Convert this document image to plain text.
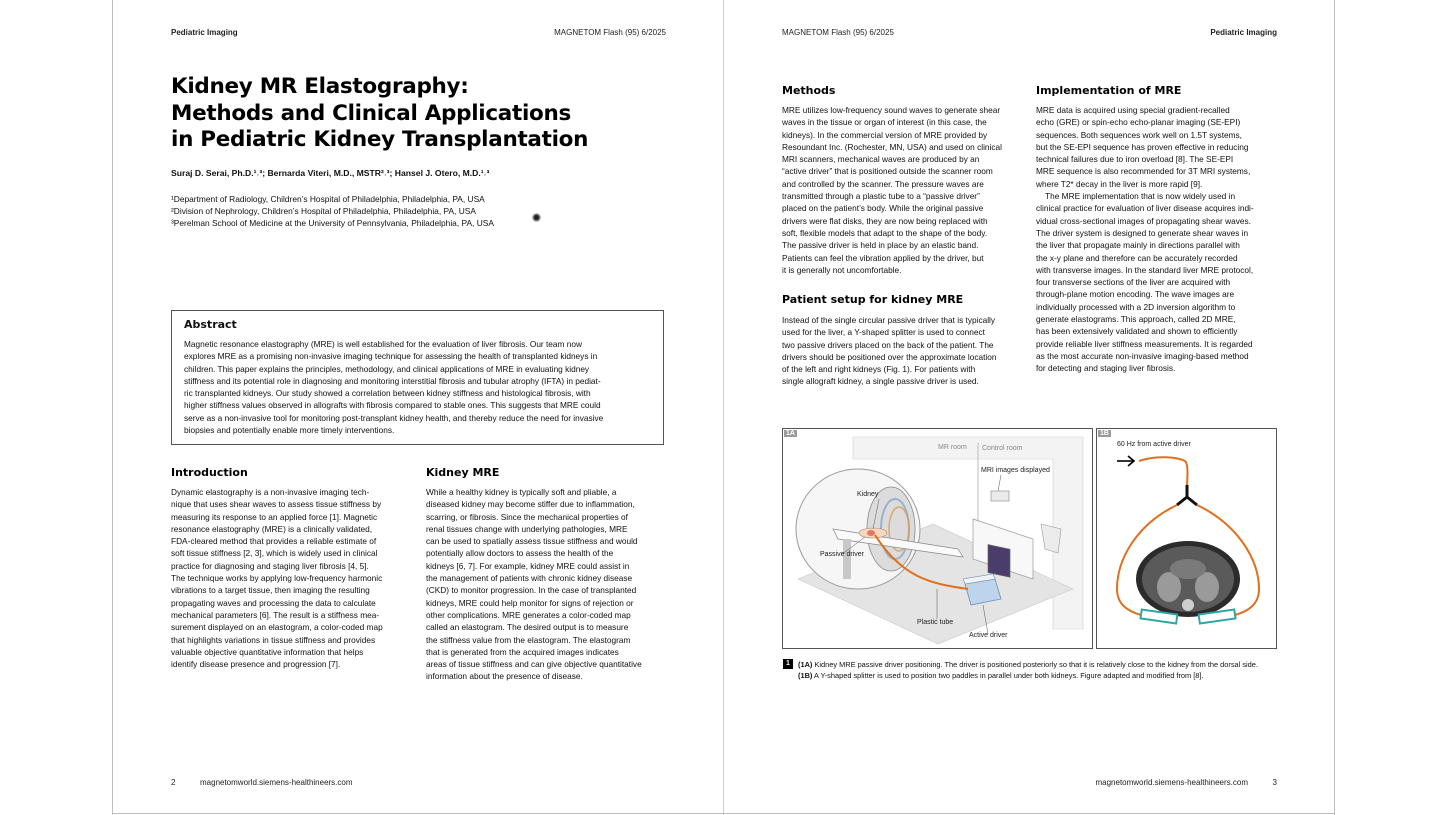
Pediatric Imaging	MAGNETOM Flash (95) 6/2025
Kidney MR Elastography:
Methods and Clinical Applications
in Pediatric Kidney Transplantation
Suraj D. Serai, Ph.D.¹˒³; Bernarda Viteri, M.D., MSTR²˒³; Hansel J. Otero, M.D.¹˒³
¹Department of Radiology, Children’s Hospital of Philadelphia, Philadelphia, PA, USA
²Division of Nephrology, Children’s Hospital of Philadelphia, Philadelphia, PA, USA
³Perelman School of Medicine at the University of Pennsylvania, Philadelphia, PA, USA
Abstract
Magnetic resonance elastography (MRE) is well established for the evaluation of liver fibrosis. Our team now
explores MRE as a promising non-invasive imaging technique for assessing the health of transplanted kidneys in
children. This paper explains the principles, methodology, and clinical applications of MRE in evaluating kidney
stiffness and its potential role in diagnosing and monitoring interstitial fibrosis and tubular atrophy (IFTA) in pediat-
ric transplanted kidneys. Our study showed a correlation between kidney stiffness and histological fibrosis, with
higher stiffness values observed in allografts with fibrosis compared to stable ones. This suggests that MRE could
serve as a non-invasive tool for monitoring post-transplant kidney health, and thereby reduce the need for invasive
biopsies and potentially enable more timely interventions.
Introduction
Dynamic elastography is a non-invasive imaging tech-
nique that uses shear waves to assess tissue stiffness by
measuring its response to an applied force [1]. Magnetic
resonance elastography (MRE) is a clinically validated,
FDA-cleared method that provides a reliable estimate of
soft tissue stiffness [2, 3], which is widely used in clinical
practice for diagnosing and staging liver fibrosis [4, 5].
The technique works by applying low-frequency harmonic
vibrations to a target tissue, then imaging the resulting
propagating waves and processing the data to calculate
mechanical parameters [6]. The result is a stiffness mea-
surement displayed on an elastogram, a color-coded map
that highlights variations in tissue stiffness and provides
valuable objective quantitative information that helps
identify disease presence and progression [7].
Kidney MRE
While a healthy kidney is typically soft and pliable, a
diseased kidney may become stiffer due to inflammation,
scarring, or fibrosis. Since the mechanical properties of
renal tissues change with underlying pathologies, MRE
can be used to spatially assess tissue stiffness and would
potentially allow doctors to assess the health of the
kidneys [6, 7]. For example, kidney MRE could assist in
the management of patients with chronic kidney disease
(CKD) to monitor progression. In the case of transplanted
kidneys, MRE could help monitor for signs of rejection or
other complications. MRE generates a color-coded map
called an elastogram. The desired output is to measure
the stiffness value from the elastogram. The elastogram
that is generated from the acquired images indicates
areas of tissue stiffness and can give objective quantitative
information about the presence of disease.
2	magnetomworld.siemens-healthineers.com
MAGNETOM Flash (95) 6/2025	Pediatric Imaging
Methods
MRE utilizes low-frequency sound waves to generate shear
waves in the tissue or organ of interest (in this case, the
kidneys). In the commercial version of MRE provided by
Resoundant Inc. (Rochester, MN, USA) and used on clinical
MRI scanners, mechanical waves are produced by an
“active driver” that is positioned outside the scanner room
and controlled by the scanner. The pressure waves are
transmitted through a plastic tube to a “passive driver”
placed on the patient’s body. While the original passive
drivers were flat disks, they are now being replaced with
soft, flexible models that adapt to the shape of the body.
The passive driver is held in place by an elastic band.
Patients can feel the vibration applied by the driver, but
it is generally not uncomfortable.
Patient setup for kidney MRE
Instead of the single circular passive driver that is typically
used for the liver, a Y-shaped splitter is used to connect
two passive drivers placed on the back of the patient. The
drivers should be positioned over the approximate location
of the left and right kidneys (Fig. 1). For patients with
single allograft kidney, a single passive driver is used.
Implementation of MRE
MRE data is acquired using special gradient-recalled
echo (GRE) or spin-echo echo-planar imaging (SE-EPI)
sequences. Both sequences work well on 1.5T systems,
but the SE-EPI sequence has proven effective in reducing
technical failures due to iron overload [8]. The SE-EPI
MRE sequence is also recommended for 3T MRI systems,
where T2* decay in the liver is more rapid [9].
The MRE implementation that is now widely used in
clinical practice for evaluation of liver disease acquires indi-
vidual cross-sectional images of propagating shear waves.
The driver system is designed to generate shear waves in
the liver that propagate mainly in directions parallel with
the x-y plane and therefore can be accurately recorded
with transverse images. In the standard liver MRE protocol,
four transverse sections of the liver are acquired with
through-plane motion encoding. The wave images are
individually processed with a 2D inversion algorithm to
generate elastograms. This approach, called 2D MRE,
has been extensively validated and shown to efficiently
provide reliable liver stiffness measurements. It is regarded
as the most accurate non-invasive imaging-based method
for detecting and staging liver fibrosis.
1A
MR room Control room
MRI images displayed
Kidney
Passive driver
Plastic tube
Active driver
1B
60 Hz from active driver
1	(1A) Kidney MRE passive driver positioning. The driver is positioned posteriorly so that it is relatively close to the kidney from the dorsal side.
(1B) A Y-shaped splitter is used to position two paddles in parallel under both kidneys. Figure adapted and modified from [8].
magnetomworld.siemens-healthineers.com	3
